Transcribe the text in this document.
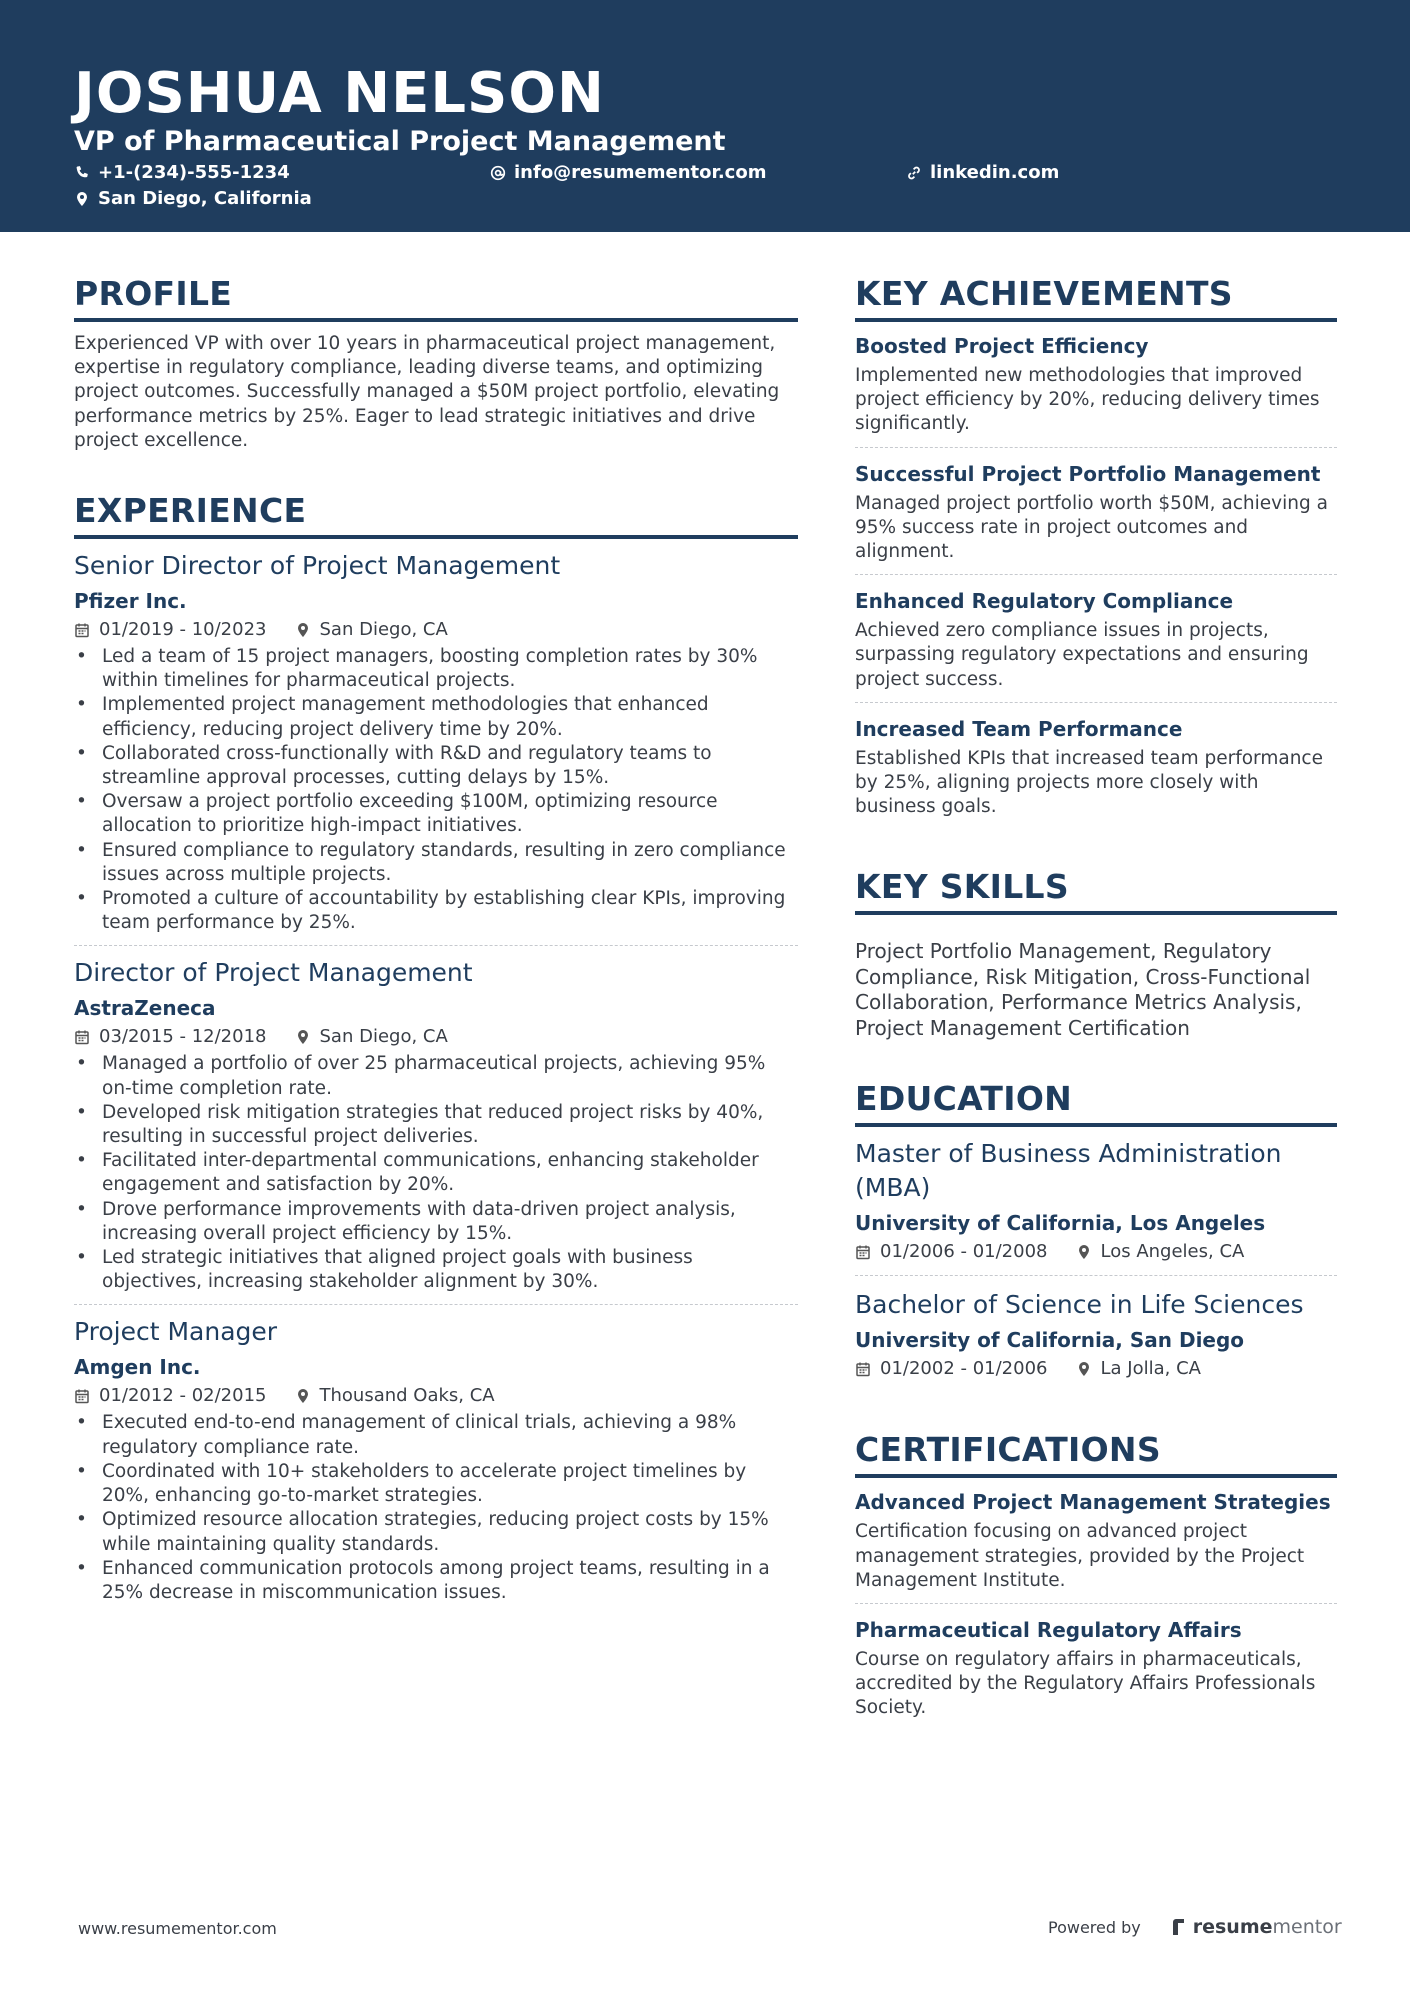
JOSHUA NELSON
VP of Pharmaceutical Project Management
+1-(234)-555-1234	info@resumementor.com	linkedin.com
San Diego, California
PROFILE

Experienced VP with over 10 years in pharmaceutical project management, expertise in regulatory compliance, leading diverse teams, and optimizing project outcomes. Successfully managed a $50M project portfolio, elevating performance metrics by 25%. Eager to lead strategic initiatives and drive project excellence.

EXPERIENCE
Senior Director of Project Management
Pfizer Inc.
01/2019 - 10/2023	San Diego, CA
• Led a team of 15 project managers, boosting completion rates by 30% within timelines for pharmaceutical projects.
• Implemented project management methodologies that enhanced efficiency, reducing project delivery time by 20%.
• Collaborated cross-functionally with R&D and regulatory teams to streamline approval processes, cutting delays by 15%.
• Oversaw a project portfolio exceeding $100M, optimizing resource allocation to prioritize high-impact initiatives.
• Ensured compliance to regulatory standards, resulting in zero compliance issues across multiple projects.
• Promoted a culture of accountability by establishing clear KPIs, improving team performance by 25%.
Director of Project Management
AstraZeneca
03/2015 - 12/2018	San Diego, CA
• Managed a portfolio of over 25 pharmaceutical projects, achieving 95% on-time completion rate.
• Developed risk mitigation strategies that reduced project risks by 40%, resulting in successful project deliveries.
• Facilitated inter-departmental communications, enhancing stakeholder engagement and satisfaction by 20%.
• Drove performance improvements with data-driven project analysis, increasing overall project efficiency by 15%.
• Led strategic initiatives that aligned project goals with business objectives, increasing stakeholder alignment by 30%.
Project Manager
Amgen Inc.
01/2012 - 02/2015	Thousand Oaks, CA
• Executed end-to-end management of clinical trials, achieving a 98% regulatory compliance rate.
• Coordinated with 10+ stakeholders to accelerate project timelines by 20%, enhancing go-to-market strategies.
• Optimized resource allocation strategies, reducing project costs by 15% while maintaining quality standards.
• Enhanced communication protocols among project teams, resulting in a 25% decrease in miscommunication issues.
KEY ACHIEVEMENTS
Boosted Project Efficiency

Implemented new methodologies that improved project efficiency by 20%, reducing delivery times significantly.

Successful Project Portfolio Management

Managed project portfolio worth $50M, achieving a 95% success rate in project outcomes and alignment.

Enhanced Regulatory Compliance

Achieved zero compliance issues in projects, surpassing regulatory expectations and ensuring project success.

Increased Team Performance

Established KPIs that increased team performance by 25%, aligning projects more closely with business goals.

KEY SKILLS

Project Portfolio Management, Regulatory Compliance, Risk Mitigation, Cross-Functional Collaboration, Performance Metrics Analysis, Project Management Certification

EDUCATION
Master of Business Administration (MBA)
University of California, Los Angeles
01/2006 - 01/2008	Los Angeles, CA
Bachelor of Science in Life Sciences
University of California, San Diego
01/2002 - 01/2006	La Jolla, CA
CERTIFICATIONS
Advanced Project Management Strategies

Certification focusing on advanced project management strategies, provided by the Project Management Institute.

Pharmaceutical Regulatory Affairs

Course on regulatory affairs in pharmaceuticals, accredited by the Regulatory Affairs Professionals Society.

www.resumementor.com	Powered by	resume mentor
